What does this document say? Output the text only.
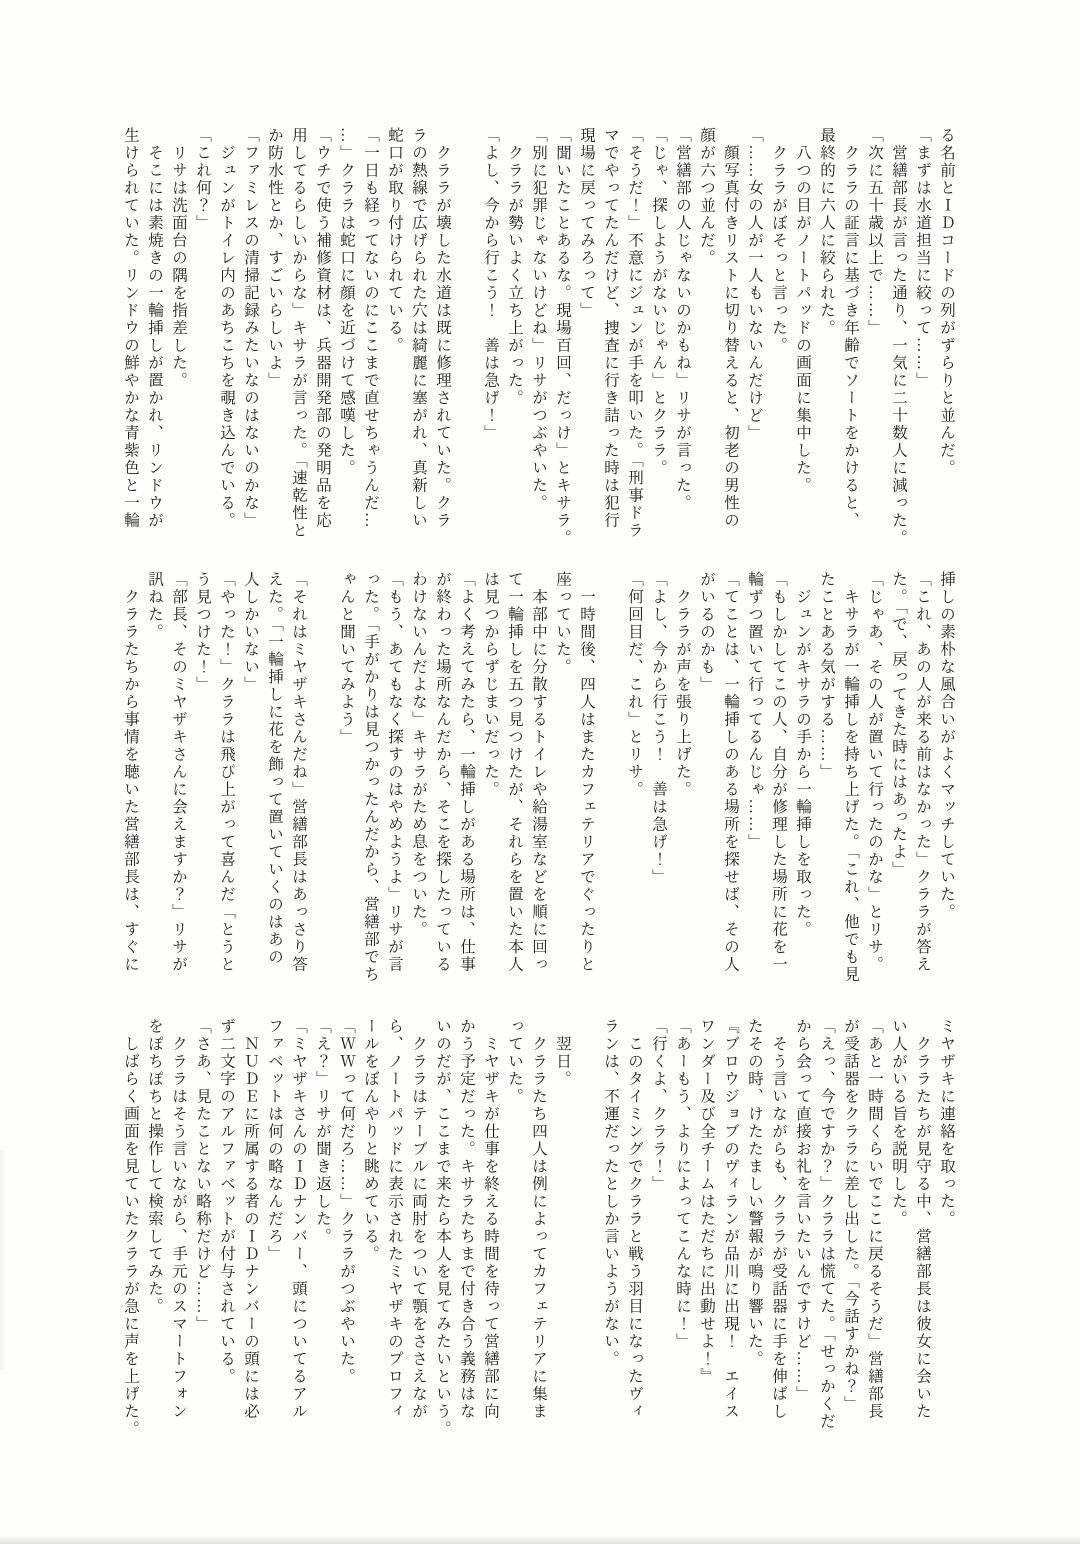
る名前とＩＤコードの列がずらりと並んだ。
「まずは水道担当に絞って……」
　営繕部長が言った通り、一気に二十数人に減った。
「次に五十歳以上で……」
　クララの証言に基づき年齢でソートをかけると、
最終的に六人に絞られた。
　八つの目がノートパッドの画面に集中した。
　クララがぼそっと言った。
「……女の人が一人もいないんだけど」
　顔写真付きリストに切り替えると、初老の男性の
顔が六つ並んだ。
「営繕部の人じゃないのかもね」リサが言った。
「じゃ、探しようがないじゃん」とクララ。
「そうだ！」不意にジュンが手を叩いた。「刑事ドラ
マでやってたんだけど、捜査に行き詰った時は犯行
現場に戻ってみろって」
「聞いたことあるな。現場百回、だっけ」とキサラ。
「別に犯罪じゃないけどね」リサがつぶやいた。
　クララが勢いよく立ち上がった。
「よし、今から行こう！　善は急げ！」
　クララが壊した水道は既に修理されていた。クラ
ラの熱線で広げられた穴は綺麗に塞がれ、真新しい
蛇口が取り付けられている。
「一日も経ってないのにここまで直せちゃうんだ…
…」クララは蛇口に顔を近づけて感嘆した。
「ウチで使う補修資材は、兵器開発部の発明品を応
用してるらしいからな」キサラが言った。「速乾性と
か防水性とか、すごいらしいよ」
「ファミレスの清掃記録みたいなのはないのかな」
　ジュンがトイレ内のあちこちを覗き込んでいる。
「これ何？」
　リサは洗面台の隅を指差した。
　そこには素焼きの一輪挿しが置かれ、リンドウが
生けられていた。リンドウの鮮やかな青紫色と一輪
挿しの素朴な風合いがよくマッチしていた。
「これ、あの人が来る前はなかった」クララが答え
た。「で、戻ってきた時にはあったよ」
「じゃあ、その人が置いて行ったのかな」とリサ。
　キサラが一輪挿しを持ち上げた。「これ、他でも見
たことある気がする……」
　ジュンがキサラの手から一輪挿しを取った。
「もしかしてこの人、自分が修理した場所に花を一
輪ずつ置いて行ってるんじゃ……」
「てことは、一輪挿しのある場所を探せば、その人
がいるのかも」
　クララが声を張り上げた。
「よし、今から行こう！　善は急げ！」
「何回目だ、これ」とリサ。
　一時間後、四人はまたカフェテリアでぐったりと
座っていた。
　本部中に分散するトイレや給湯室などを順に回っ
て一輪挿しを五つ見つけたが、それらを置いた本人
は見つからずじまいだった。
「よく考えてみたら、一輪挿しがある場所は、仕事
が終わった場所なんだから、そこを探したっている
わけないんだよな」キサラがため息をついた。
「もう、あてもなく探すのはやめようよ」リサが言
った。「手がかりは見つかったんだから、営繕部でち
ゃんと聞いてみよう」
「それはミヤザキさんだね」営繕部長はあっさり答
えた。「一輪挿しに花を飾って置いていくのはあの
人しかいない」
「やった！」クララは飛び上がって喜んだ「とうと
う見つけた！」
「部長、そのミヤザキさんに会えますか？」リサが
訊ねた。
　クララたちから事情を聴いた営繕部長は、すぐに
ミヤザキに連絡を取った。
　クララたちが見守る中、営繕部長は彼女に会いた
い人がいる旨を説明した。
「あと一時間くらいでここに戻るそうだ」営繕部長
が受話器をクララに差し出した。「今話すかね？」
「えっ、今ですか？」クララは慌てた。「せっかくだ
から会って直接お礼を言いたいんですけど……」
　そう言いながらも、クララが受話器に手を伸ばし
たその時、けたたましい警報が鳴り響いた。
『ブロウジョブのヴィランが品川に出現！　エイス
ワンダー及び全チームはただちに出動せよ！』
「あーもう、よりによってこんな時に！」
「行くよ、クララ！」
　このタイミングでクララと戦う羽目になったヴィ
ランは、不運だったとしか言いようがない。
　翌日。
　クララたち四人は例によってカフェテリアに集ま
っていた。
　ミヤザキが仕事を終える時間を待って営繕部に向
かう予定だった。キサラたちまで付き合う義務はな
いのだが、ここまで来たら本人を見てみたいという。
　クララはテーブルに両肘をついて顎をささえなが
ら、ノートパッドに表示されたミヤザキのプロフィ
ールをぼんやりと眺めている。
「ＷＷって何だろ……」クララがつぶやいた。
「え？」リサが聞き返した。
「ミヤザキさんのＩＤナンバー、頭についてるアル
ファベットは何の略なんだろ」
　ＮＵＤＥに所属する者のＩＤナンバーの頭には必
ず二文字のアルファベットが付与されている。
「さあ、見たことない略称だけど……」
　クララはそう言いながら、手元のスマートフォン
をぽちぽちと操作して検索してみた。
　しばらく画面を見ていたクララが急に声を上げた。
